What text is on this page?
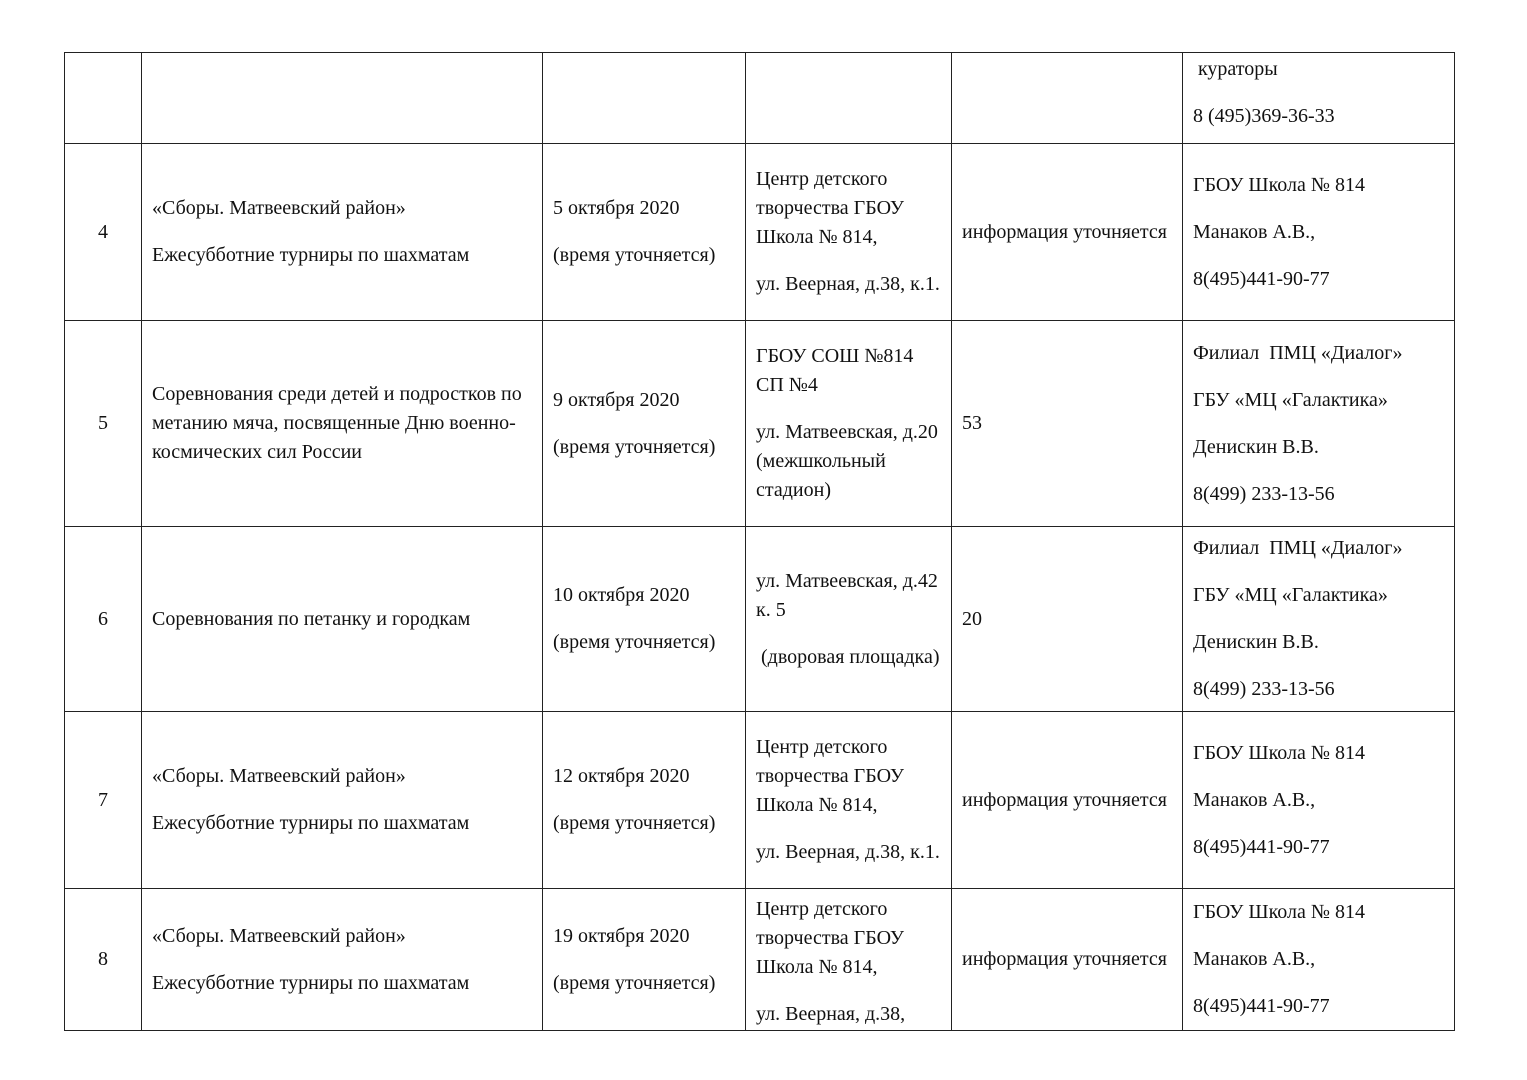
					кураторы
8 (495)369-36-33

4	«Сборы. Матвеевский район»
Ежесубботние турниры по шахматам	5 октября 2020
(время уточняется)	Центр детского творчества ГБОУ Школа № 814,
ул. Веерная, д.38, к.1.	информация уточняется	ГБОУ Школа № 814
Манаков А.В.,
8(495)441-90-77

5	Соревнования среди детей и подростков по метанию мяча, посвященные Дню военно-космических сил России	9 октября 2020
(время уточняется)	ГБОУ СОШ №814 СП №4
ул. Матвеевская, д.20 (межшкольный стадион)	53	Филиал  ПМЦ «Диалог»
ГБУ «МЦ «Галактика»
Денискин В.В.
8(499) 233-13-56

6	Соревнования по петанку и городкам	10 октября 2020
(время уточняется)	ул. Матвеевская, д.42 к. 5
(дворовая площадка)	20	Филиал  ПМЦ «Диалог»
ГБУ «МЦ «Галактика»
Денискин В.В.
8(499) 233-13-56

7	«Сборы. Матвеевский район»
Ежесубботние турниры по шахматам	12 октября 2020
(время уточняется)	Центр детского творчества ГБОУ Школа № 814,
ул. Веерная, д.38, к.1.	информация уточняется	ГБОУ Школа № 814
Манаков А.В.,
8(495)441-90-77

8	«Сборы. Матвеевский район»
Ежесубботние турниры по шахматам	19 октября 2020
(время уточняется)	Центр детского творчества ГБОУ Школа № 814,
ул. Веерная, д.38,	информация уточняется	ГБОУ Школа № 814
Манаков А.В.,
8(495)441-90-77
